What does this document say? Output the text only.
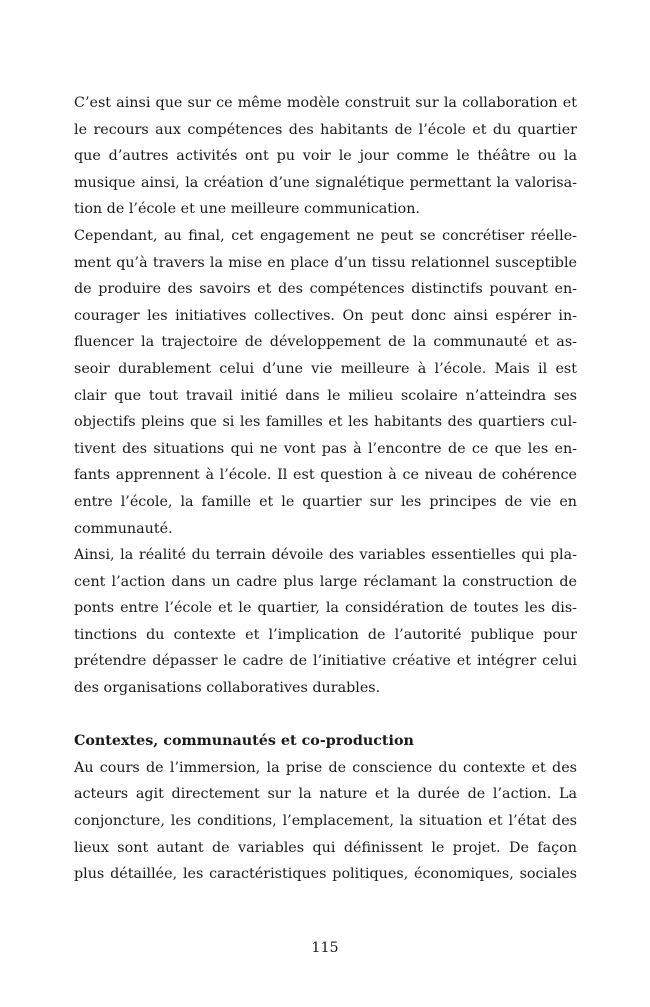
C’est ainsi que sur ce même modèle construit sur la collaboration et
le recours aux compétences des habitants de l’école et du quartier
que d’autres activités ont pu voir le jour comme le théâtre ou la
musique ainsi, la création d’une signalétique permettant la valorisa-
tion de l’école et une meilleure communication.
Cependant, au final, cet engagement ne peut se concrétiser réelle-
ment qu’à travers la mise en place d’un tissu relationnel susceptible
de produire des savoirs et des compétences distinctifs pouvant en-
courager les initiatives collectives. On peut donc ainsi espérer in-
fluencer la trajectoire de développement de la communauté et as-
seoir durablement celui d’une vie meilleure à l’école. Mais il est
clair que tout travail initié dans le milieu scolaire n’atteindra ses
objectifs pleins que si les familles et les habitants des quartiers cul-
tivent des situations qui ne vont pas à l’encontre de ce que les en-
fants apprennent à l’école. Il est question à ce niveau de cohérence
entre l’école, la famille et le quartier sur les principes de vie en
communauté.
Ainsi, la réalité du terrain dévoile des variables essentielles qui pla-
cent l’action dans un cadre plus large réclamant la construction de
ponts entre l’école et le quartier, la considération de toutes les dis-
tinctions du contexte et l’implication de l’autorité publique pour
prétendre dépasser le cadre de l’initiative créative et intégrer celui
des organisations collaboratives durables.
Contextes, communautés et co-production
Au cours de l’immersion, la prise de conscience du contexte et des
acteurs agit directement sur la nature et la durée de l’action. La
conjoncture, les conditions, l’emplacement, la situation et l’état des
lieux sont autant de variables qui définissent le projet. De façon
plus détaillée, les caractéristiques politiques, économiques, sociales
115
